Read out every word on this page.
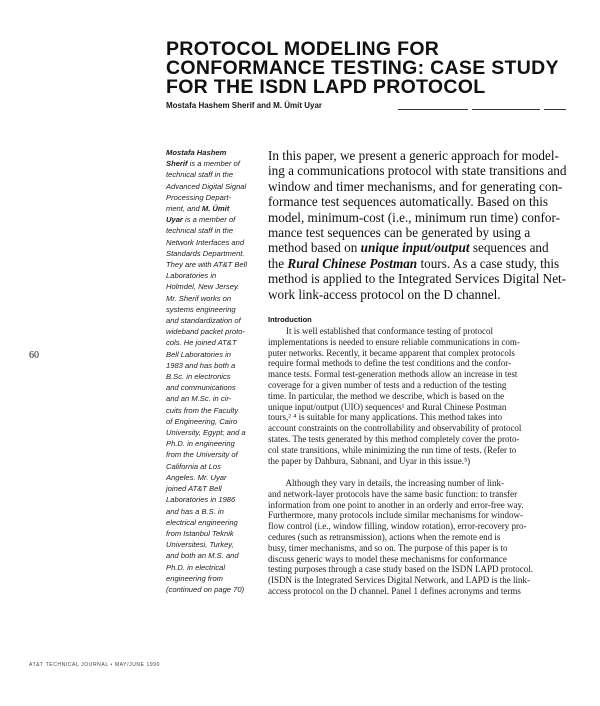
PROTOCOL MODELING FOR
CONFORMANCE TESTING: CASE STUDY
FOR THE ISDN LAPD PROTOCOL
Mostafa Hashem Sherif and M. Ümit Uyar
60
Mostafa Hashem
Sherif is a member of
technical staff in the
Advanced Digital Signal
Processing Depart-
ment, and M. Ümit
Uyar is a member of
technical staff in the
Network Interfaces and
Standards Department.
They are with AT&T Bell
Laboratories in
Holmdel, New Jersey.
Mr. Sherif works on
systems engineering
and standardization of
wideband packet proto-
cols. He joined AT&T
Bell Laboratories in
1983 and has both a
B.Sc. in electronics
and communications
and an M.Sc. in cir-
cuits from the Faculty
of Engineering, Cairo
University, Egypt; and a
Ph.D. in engineering
from the University of
California at Los
Angeles. Mr. Uyar
joined AT&T Bell
Laboratories in 1986
and has a B.S. in
electrical engineering
from Istanbul Teknik
Universitesi, Turkey,
and both an M.S. and
Ph.D. in electrical
engineering from
(continued on page 70)
In this paper, we present a generic approach for model-
ing a communications protocol with state transitions and
window and timer mechanisms, and for generating con-
formance test sequences automatically. Based on this
model, minimum-cost (i.e., minimum run time) confor-
mance test sequences can be generated by using a
method based on unique input/output sequences and
the Rural Chinese Postman tours. As a case study, this
method is applied to the Integrated Services Digital Net-
work link-access protocol on the D channel.
Introduction
It is well established that conformance testing of protocol
implementations is needed to ensure reliable communications in com-
puter networks. Recently, it became apparent that complex protocols
require formal methods to define the test conditions and the confor-
mance tests. Formal test-generation methods allow an increase in test
coverage for a given number of tests and a reduction of the testing
time. In particular, the method we describe, which is based on the
unique input/output (UIO) sequences¹ and Rural Chinese Postman
tours,² ⁴ is suitable for many applications. This method takes into
account constraints on the controllability and observability of protocol
states. The tests generated by this method completely cover the proto-
col state transitions, while minimizing the run time of tests. (Refer to
the paper by Dahbura, Sabnani, and Uyar in this issue.⁵)
Although they vary in details, the increasing number of link-
and network-layer protocols have the same basic function: to transfer
information from one point to another in an orderly and error-free way.
Furthermore, many protocols include similar mechanisms for window-
flow control (i.e., window filling, window rotation), error-recovery pro-
cedures (such as retransmission), actions when the remote end is
busy, timer mechanisms, and so on. The purpose of this paper is to
discuss generic ways to model these mechanisms for conformance
testing purposes through a case study based on the ISDN LAPD protocol.
(ISDN is the Integrated Services Digital Network, and LAPD is the link-
access protocol on the D channel. Panel 1 defines acronyms and terms
AT&T TECHNICAL JOURNAL • MAY/JUNE 1990
